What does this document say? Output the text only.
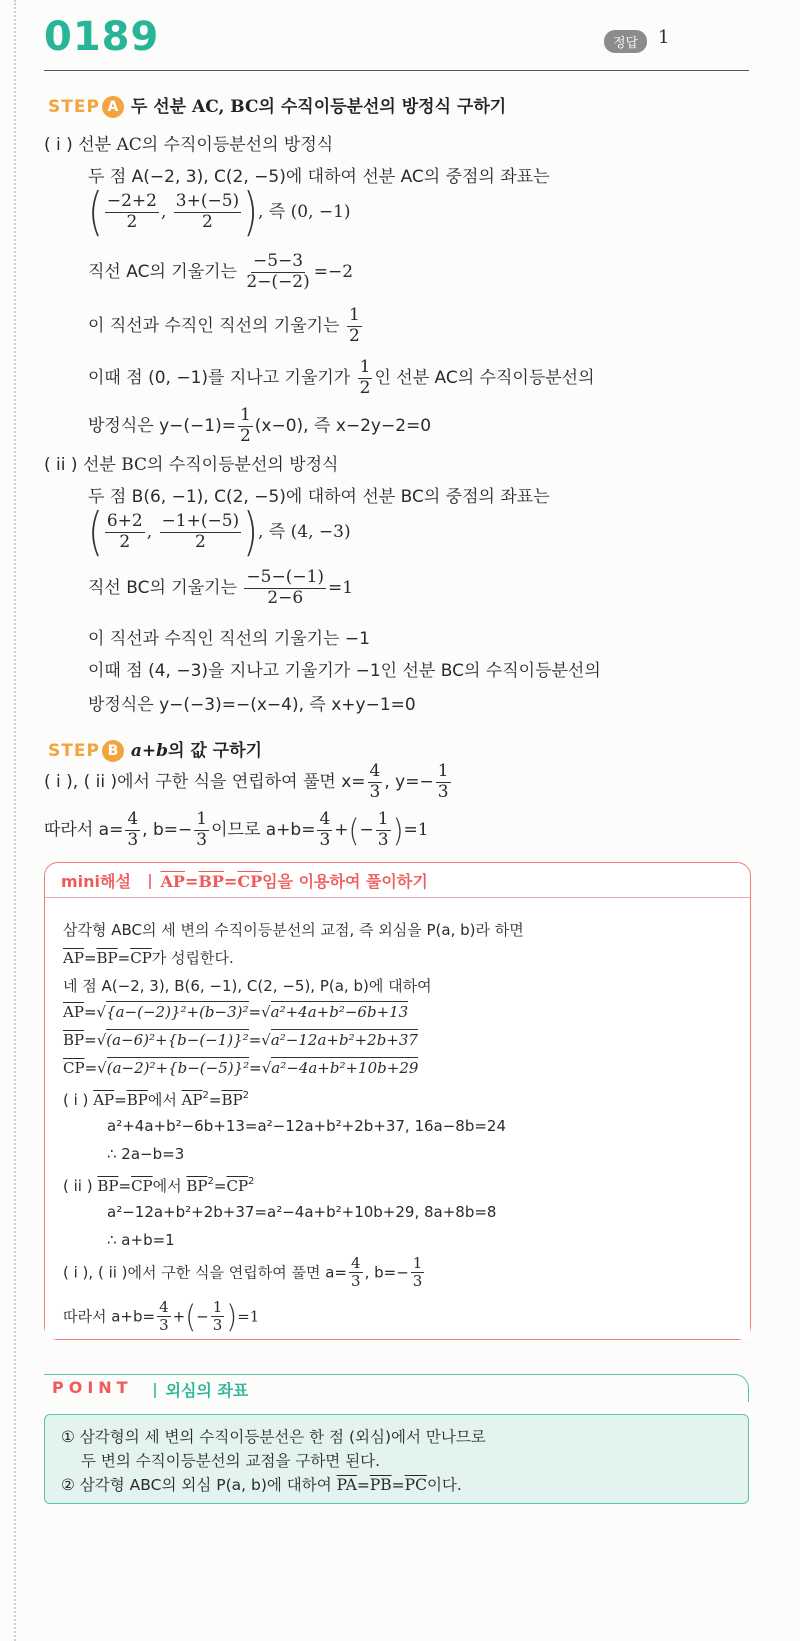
0189	정답	1
STEP A 두 선분 AC, BC의 수직이등분선의 방정식 구하기
( i ) 선분 AC의 수직이등분선의 방정식
두 점 A(−2, 3), C(2, −5)에 대하여 선분 AC의 중점의 좌표는
( $\frac{-2+2}{2}$ , $\frac{3+(-5)}{2}$ ), 즉 (0, −1)
직선 AC의 기울기는 $\frac{-5-3}{2-(-2)} =-2$
이 직선과 수직인 직선의 기울기는 $\frac{1}{2}$
이때 점 (0, −1)를 지나고 기울기가 $\frac{1}{2}$ 인 선분 AC의 수직이등분선의
방정식은 $y-(-1)= \frac{1}{2} (x-0)$, 즉 x−2y−2=0
( ii ) 선분 BC의 수직이등분선의 방정식
두 점 B(6, −1), C(2, −5)에 대하여 선분 BC의 중점의 좌표는
( $\frac{6+2}{2}$ , $\frac{-1+(-5)}{2}$ ), 즉 (4, −3)
직선 BC의 기울기는 $\frac{-5-(-1)}{2-6} =1$
이 직선과 수직인 직선의 기울기는 −1
이때 점 (4, −3)을 지나고 기울기가 −1인 선분 BC의 수직이등분선의
방정식은 y−(−3)=−(x−4), 즉 x+y−1=0
STEP B a+b의 값 구하기
( i ), ( ii )에서 구한 식을 연립하여 풀면 $x= \frac{4}{3}$ , $y=- \frac{1}{3}$
따라서 $a= \frac{4}{3}$ , $b=- \frac{1}{3}$ 이므로 $a+b= \frac{4}{3}$ +(− $\frac{1}{3} )=1$
mini해설	$\overline{AP}=\overline{BP}=\overline{CP}$임을 이용하여 풀이하기
삼각형 ABC의 세 변의 수직이등분선의 교점, 즉 외심을 P(a, b)라 하면
$\overline{AP}=\overline{BP}=\overline{CP}$가 성립한다.
네 점 A(−2, 3), B(6, −1), C(2, −5), P(a, b)에 대하여
$\overline{AP}=√\{a-(-2)\}^2+(b-3)^2=√a^2+4a+b^2-6b+13$
$\overline{BP}=√(a-6)^2+\{b-(-1)\}^2=√a^2-12a+b^2+2b+37$
$\overline{CP}=√(a-2)^2+\{b-(-5)\}^2=√a^2-4a+b^2+10b+29$
( i ) $\overline{AP}=\overline{BP}$에서 $\overline{AP}^2=\overline{BP}^2$
a²+4a+b²−6b+13=a²−12a+b²+2b+37, 16a−8b=24
∴ 2a−b=3
( ii ) $\overline{BP}=\overline{CP}$에서 $\overline{BP}^2=\overline{CP}^2$
a²−12a+b²+2b+37=a²−4a+b²+10b+29, 8a+8b=8
∴ a+b=1
( i ), ( ii )에서 구한 식을 연립하여 풀면 $a= \frac{4}{3}$ , $b=- \frac{1}{3}$
따라서 $a+b= \frac{4}{3}$ +(− $\frac{1}{3} )=1$
POINT	외심의 좌표
① 삼각형의 세 변의 수직이등분선은 한 점 (외심)에서 만나므로
두 변의 수직이등분선의 교점을 구하면 된다.
② 삼각형 ABC의 외심 P(a, b)에 대하여 $\overline{PA}=\overline{PB}=\overline{PC}$이다.
